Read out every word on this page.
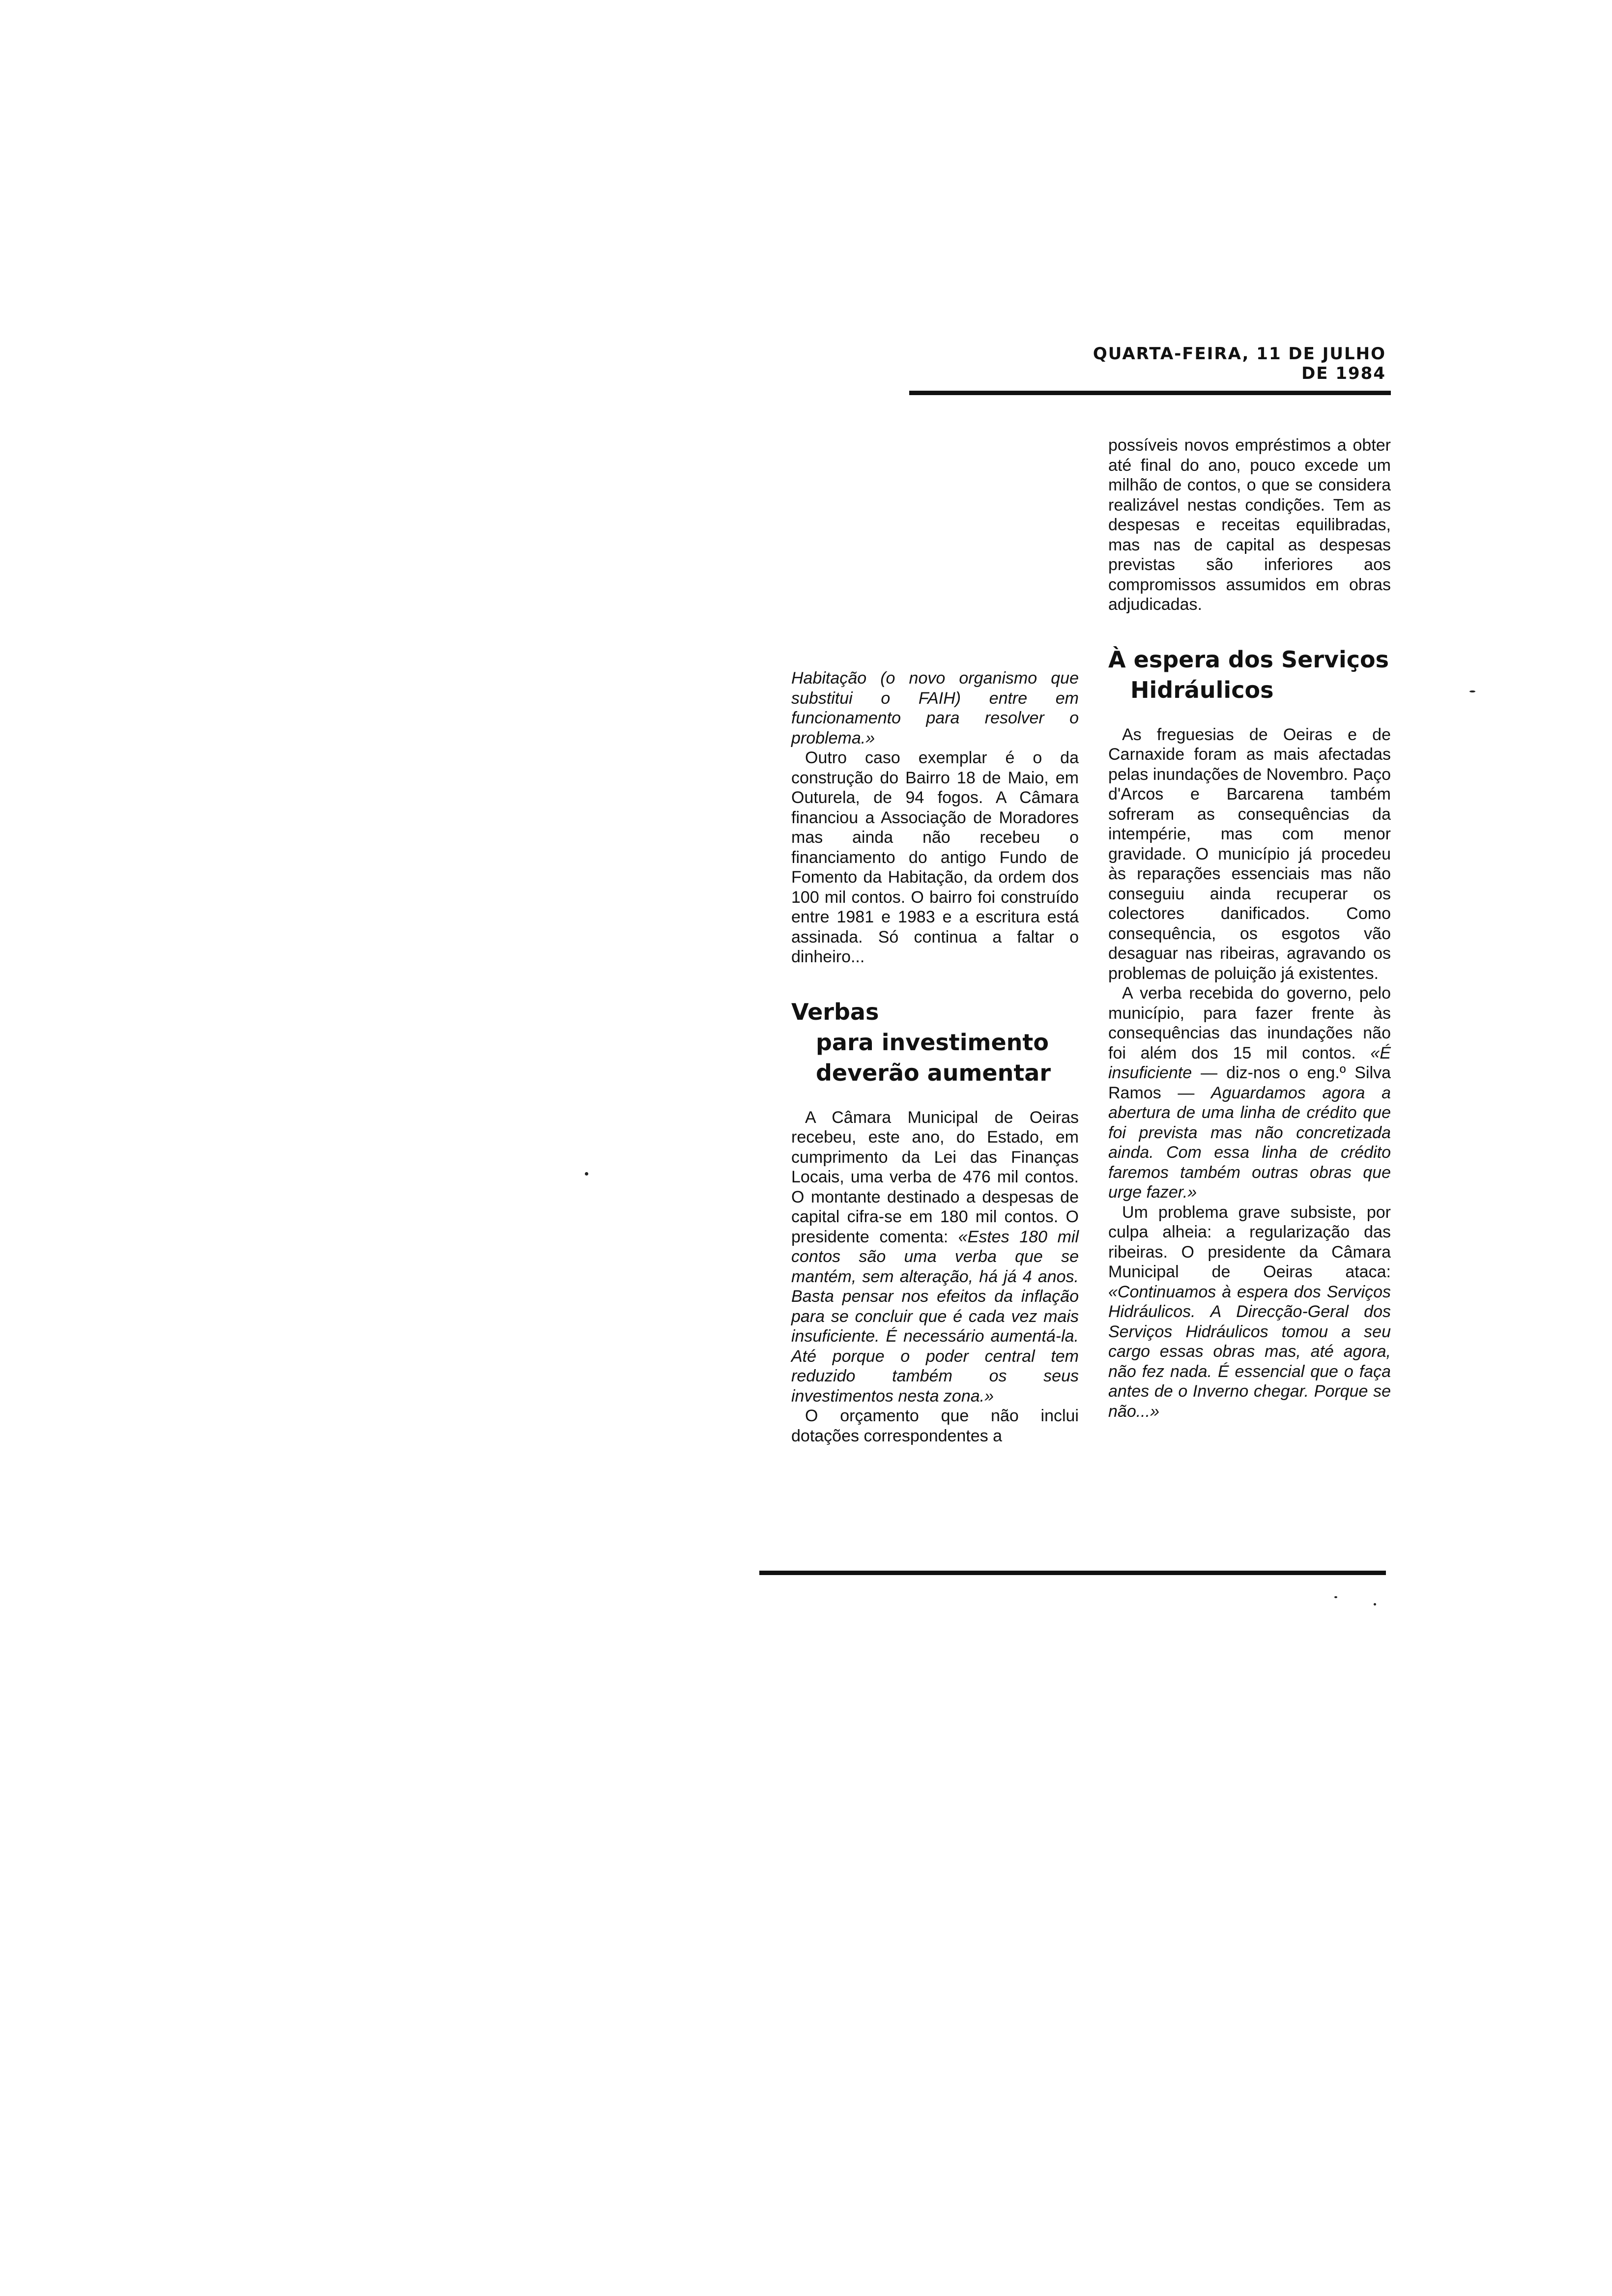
QUARTA-FEIRA, 11 DE JULHO DE 1984

Habitação (o novo organismo que substitui o FAIH) entre em funcionamento para resolver o problema.»

Outro caso exemplar é o da construção do Bairro 18 de Maio, em Outurela, de 94 fogos. A Câmara financiou a Associação de Moradores mas ainda não recebeu o financiamento do antigo Fundo de Fomento da Habitação, da ordem dos 100 mil contos. O bairro foi construído entre 1981 e 1983 e a escritura está assinada. Só continua a faltar o dinheiro...

Verbas
para investimento
deverão aumentar

A Câmara Municipal de Oeiras recebeu, este ano, do Estado, em cumprimento da Lei das Finanças Locais, uma verba de 476 mil contos. O montante destinado a despesas de capital cifra-se em 180 mil contos. O presidente comenta: «Estes 180 mil contos são uma verba que se mantém, sem alteração, há já 4 anos. Basta pensar nos efeitos da inflação para se concluir que é cada vez mais insuficiente. É necessário aumentá-la. Até porque o poder central tem reduzido também os seus investimentos nesta zona.»

O orçamento que não inclui dotações correspondentes a

possíveis novos empréstimos a obter até final do ano, pouco excede um milhão de contos, o que se considera realizável nestas condições. Tem as despesas e receitas equilibradas, mas nas de capital as despesas previstas são inferiores aos compromissos assumidos em obras adjudicadas.

À espera dos Serviços
Hidráulicos

As freguesias de Oeiras e de Carnaxide foram as mais afectadas pelas inundações de Novembro. Paço d'Arcos e Barcarena também sofreram as consequências da intempérie, mas com menor gravidade. O município já procedeu às reparações essenciais mas não conseguiu ainda recuperar os colectores danificados. Como consequência, os esgotos vão desaguar nas ribeiras, agravando os problemas de poluição já existentes.

A verba recebida do governo, pelo município, para fazer frente às consequências das inundações não foi além dos 15 mil contos. «É insuficiente — diz-nos o eng.º Silva Ramos — Aguardamos agora a abertura de uma linha de crédito que foi prevista mas não concretizada ainda. Com essa linha de crédito faremos também outras obras que urge fazer.»

Um problema grave subsiste, por culpa alheia: a regularização das ribeiras. O presidente da Câmara Municipal de Oeiras ataca: «Continuamos à espera dos Serviços Hidráulicos. A Direcção-Geral dos Serviços Hidráulicos tomou a seu cargo essas obras mas, até agora, não fez nada. É essencial que o faça antes de o Inverno chegar. Porque se não...»
